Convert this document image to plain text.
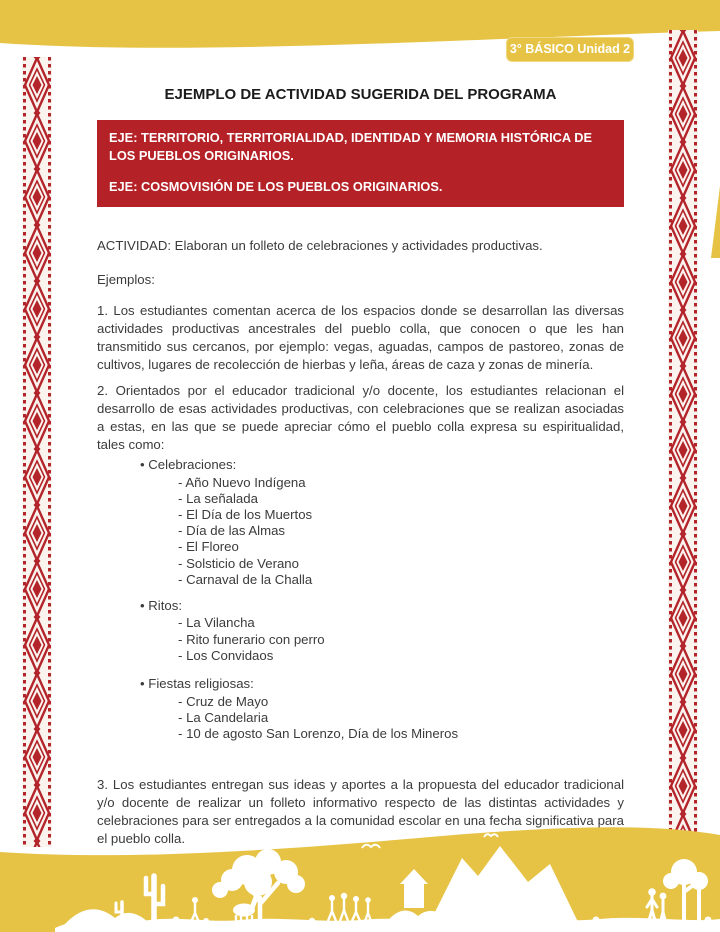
3° BÁSICO Unidad 2
EJEMPLO DE ACTIVIDAD SUGERIDA DEL PROGRAMA

EJE: TERRITORIO, TERRITORIALIDAD, IDENTIDAD Y MEMORIA HISTÓRICA DE LOS PUEBLOS ORIGINARIOS.

EJE: COSMOVISIÓN DE LOS PUEBLOS ORIGINARIOS.

ACTIVIDAD: Elaboran un folleto de celebraciones y actividades productivas.

Ejemplos:

1. Los estudiantes comentan acerca de los espacios donde se desarrollan las diversas actividades productivas ancestrales del pueblo colla, que conocen o que les han transmitido sus cercanos, por ejemplo: vegas, aguadas, campos de pastoreo, zonas de cultivos, lugares de recolección de hierbas y leña, áreas de caza y zonas de minería.

2. Orientados por el educador tradicional y/o docente, los estudiantes relacionan el desarrollo de esas actividades productivas, con celebraciones que se realizan asociadas a estas, en las que se puede apreciar cómo el pueblo colla expresa su espiritualidad, tales como:

• Celebraciones:
- Año Nuevo Indígena
- La señalada
- El Día de los Muertos
- Día de las Almas
- El Floreo
- Solsticio de Verano
- Carnaval de la Challa
• Ritos:
- La Vilancha
- Rito funerario con perro
- Los Convidaos
• Fiestas religiosas:
- Cruz de Mayo
- La Candelaria
- 10 de agosto San Lorenzo, Día de los Mineros

3. Los estudiantes entregan sus ideas y aportes a la propuesta del educador tradicional y/o docente de realizar un folleto informativo respecto de las distintas actividades y celebraciones para ser entregados a la comunidad escolar en una fecha significativa para el pueblo colla.
